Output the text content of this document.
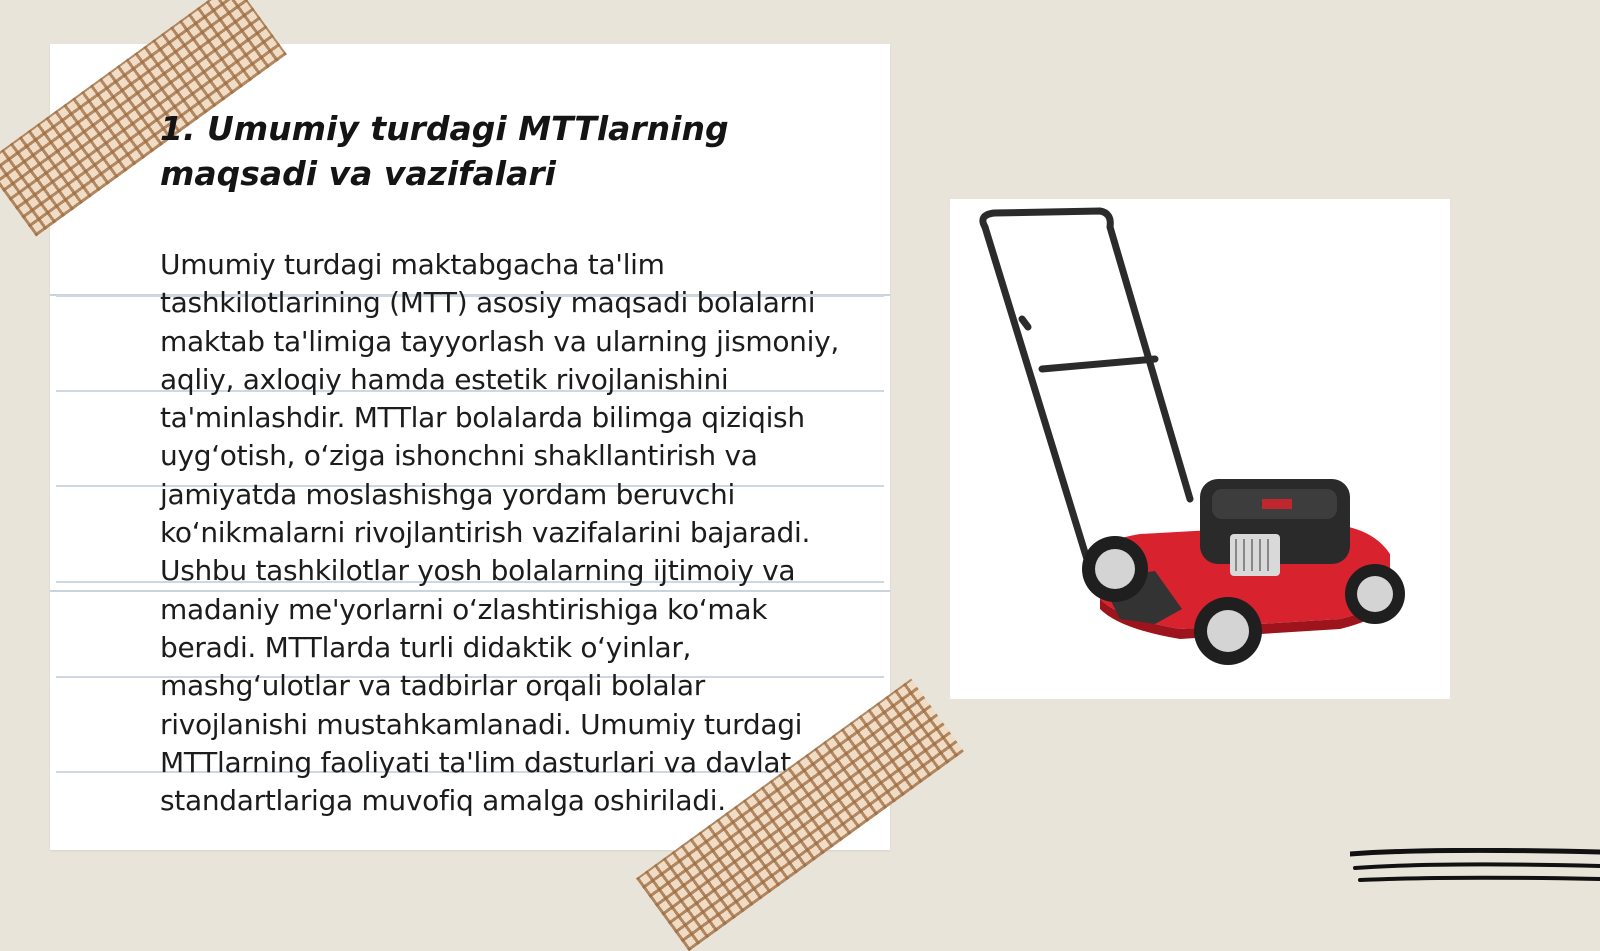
1. Umumiy turdagi MTTlarning maqsadi va vazifalari

Umumiy turdagi maktabgacha ta'lim tashkilotlarining (MTT) asosiy maqsadi bolalarni maktab ta'limiga tayyorlash va ularning jismoniy, aqliy, axloqiy hamda estetik rivojlanishini ta'minlashdir. MTTlar bolalarda bilimga qiziqish uyg‘otish, o‘ziga ishonchni shakllantirish va jamiyatda moslashishga yordam beruvchi ko‘nikmalarni rivojlantirish vazifalarini bajaradi. Ushbu tashkilotlar yosh bolalarning ijtimoiy va madaniy me'yorlarni o‘zlashtirishiga ko‘mak beradi. MTTlarda turli didaktik o‘yinlar, mashg‘ulotlar va tadbirlar orqali bolalar rivojlanishi mustahkamlanadi. Umumiy turdagi MTTlarning faoliyati ta'lim dasturlari va davlat standartlariga muvofiq amalga oshiriladi.
